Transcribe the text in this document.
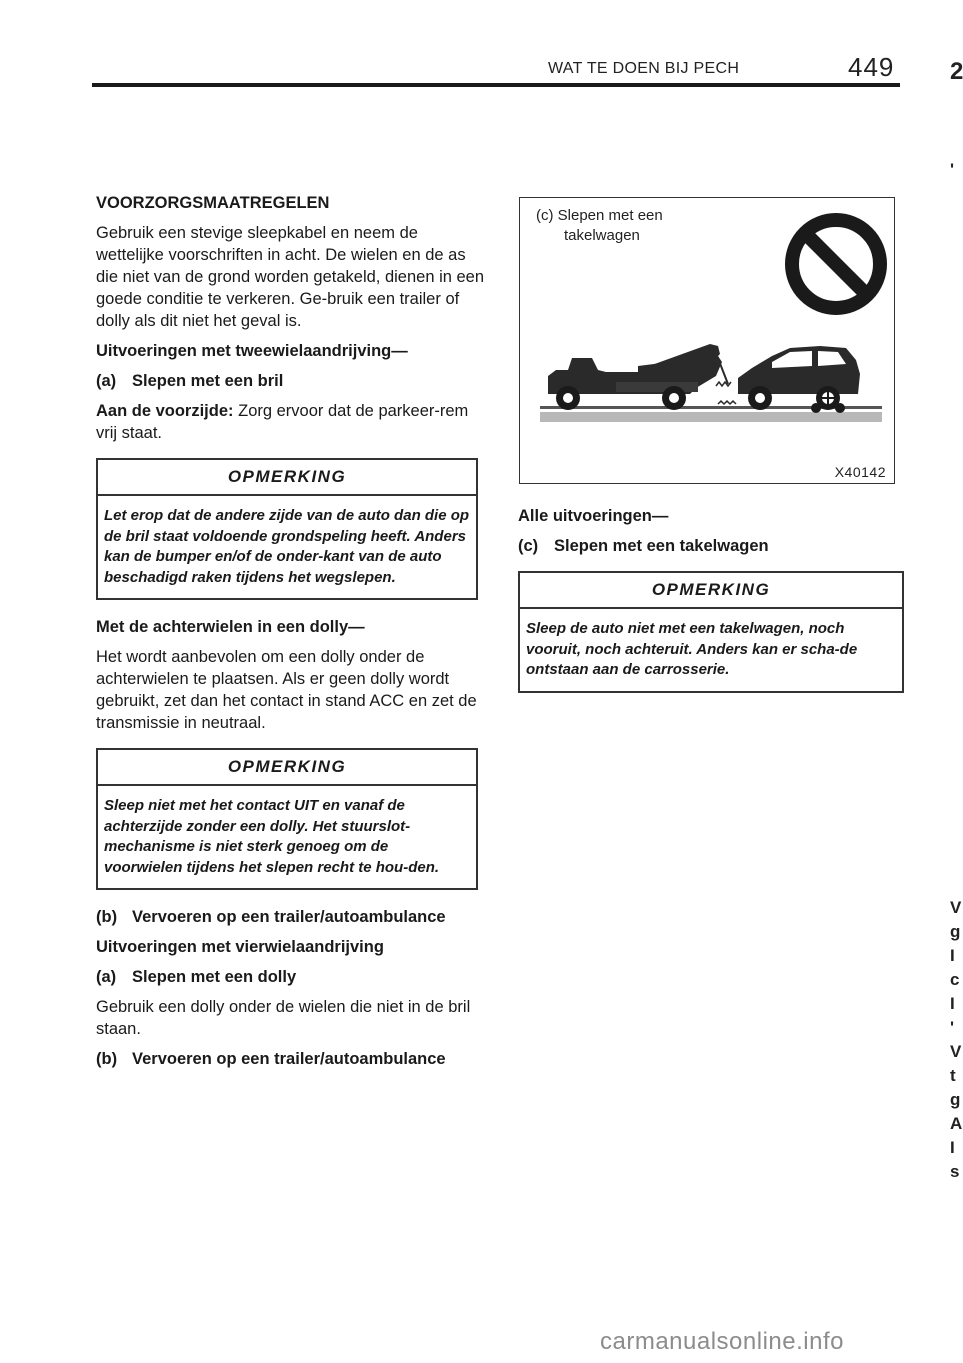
WAT TE DOEN BIJ PECH	449 2
'
V
g
I
c
I
'
V
t
g
A
I
s

VOORZORGSMAATREGELEN

Gebruik een stevige sleepkabel en neem de wettelijke voorschriften in acht. De wielen en de as die niet van de grond worden getakeld, dienen in een goede conditie te verkeren. Ge-bruik een trailer of dolly als dit niet het geval is.

Uitvoeringen met tweewielaandrijving—

(a) Slepen met een bril

Aan de voorzijde: Zorg ervoor dat de parkeer-rem vrij staat.

OPMERKING
Let erop dat de andere zijde van de auto dan die op de bril staat voldoende grondspeling heeft. Anders kan de bumper en/of de onder-kant van de auto beschadigd raken tijdens het wegslepen.

Met de achterwielen in een dolly—

Het wordt aanbevolen om een dolly onder de achterwielen te plaatsen. Als er geen dolly wordt gebruikt, zet dan het contact in stand ACC en zet de transmissie in neutraal.

OPMERKING
Sleep niet met het contact UIT en vanaf de achterzijde zonder een dolly. Het stuurslot-mechanisme is niet sterk genoeg om de voorwielen tijdens het slepen recht te hou-den.
(b) Vervoeren op een trailer/autoambulance

Uitvoeringen met vierwielaandrijving

(a) Slepen met een dolly

Gebruik een dolly onder de wielen die niet in de bril staan.

(b) Vervoeren op een trailer/autoambulance
(c) Slepen met een
takelwagen
X40142

Alle uitvoeringen—

(c) Slepen met een takelwagen
OPMERKING
Sleep de auto niet met een takelwagen, noch vooruit, noch achteruit. Anders kan er scha-de ontstaan aan de carrosserie.
carmanualsonline.info
